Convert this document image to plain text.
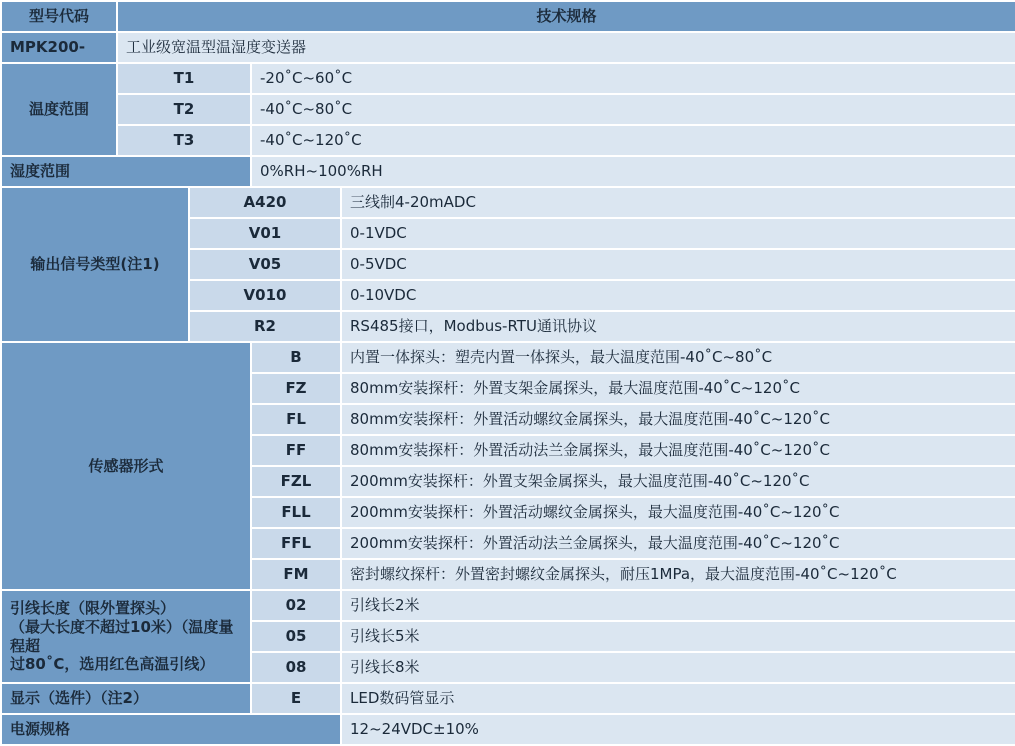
型号代码	技术规格			
MPK200-	工业级宽温型温湿度变送器			
温度范围	T1		-20˚C~60˚C	
	T2		-40˚C~80˚C	
	T3		-40˚C~120˚C	
湿度范围			0%RH~100%RH	
输出信号类型(注1)		A420		三线制4-20mADC
		V01		0-1VDC
		V05		0-5VDC
		V010		0-10VDC
		R2		RS485接口，Modbus-RTU通讯协议
传感器形式			B	内置一体探头：塑壳内置一体探头，最大温度范围-40˚C~80˚C
			FZ	80mm安装探杆：外置支架金属探头，最大温度范围-40˚C~120˚C
			FL	80mm安装探杆：外置活动螺纹金属探头，最大温度范围-40˚C~120˚C
			FF	80mm安装探杆：外置活动法兰金属探头，最大温度范围-40˚C~120˚C
			FZL	200mm安装探杆：外置支架金属探头，最大温度范围-40˚C~120˚C
			FLL	200mm安装探杆：外置活动螺纹金属探头，最大温度范围-40˚C~120˚C
			FFL	200mm安装探杆：外置活动法兰金属探头，最大温度范围-40˚C~120˚C
			FM	密封螺纹探杆：外置密封螺纹金属探头，耐压1MPa，最大温度范围-40˚C~120˚C

引线长度（限外置探头）
（最大长度不超过10米）（温度量程超
过80˚C，选用红色高温引线）			02	引线长2米
			05	引线长5米
			08	引线长8米
显示（选件）（注2）			E	LED数码管显示
电源规格				12~24VDC±10%
